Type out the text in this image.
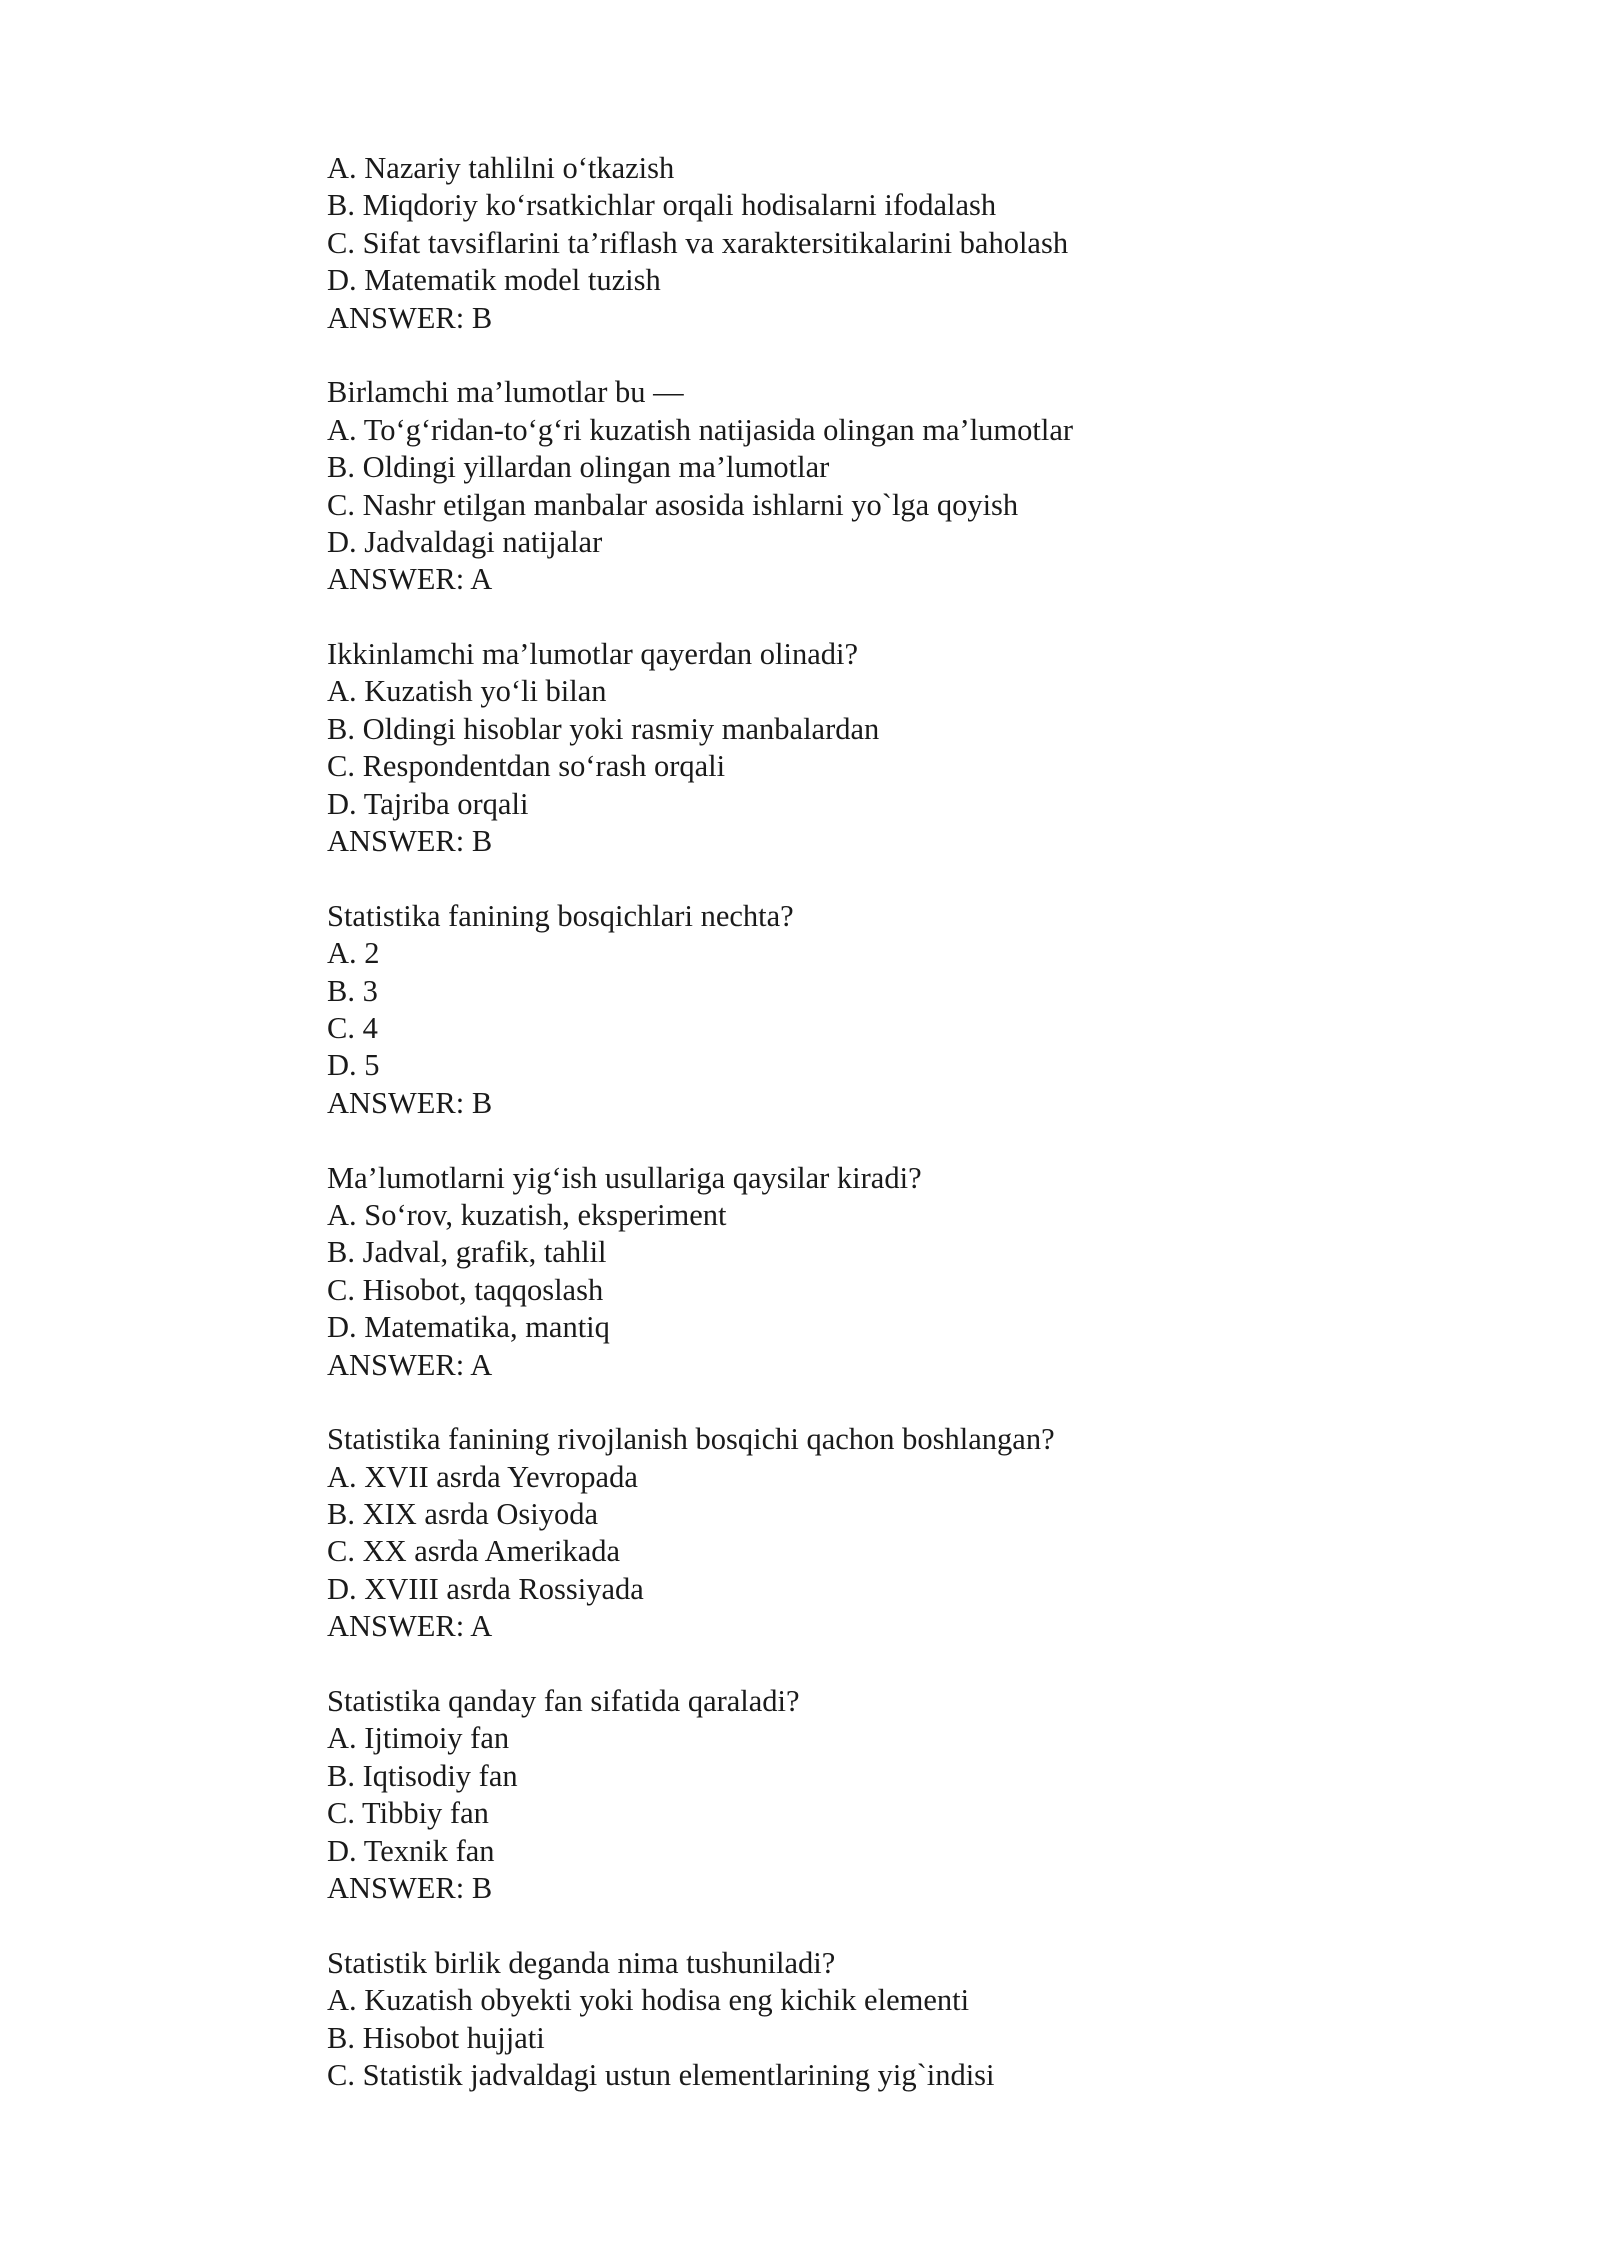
A. Nazariy tahlilni o‘tkazish
B. Miqdoriy ko‘rsatkichlar orqali hodisalarni ifodalash
C. Sifat tavsiflarini ta’riflash va xaraktersitikalarini baholash
D. Matematik model tuzish
ANSWER: B
Birlamchi ma’lumotlar bu —
A. To‘g‘ridan-to‘g‘ri kuzatish natijasida olingan ma’lumotlar
B. Oldingi yillardan olingan ma’lumotlar
C. Nashr etilgan manbalar asosida ishlarni yo`lga qoyish
D. Jadvaldagi natijalar
ANSWER: A
Ikkinlamchi ma’lumotlar qayerdan olinadi?
A. Kuzatish yo‘li bilan
B. Oldingi hisoblar yoki rasmiy manbalardan
C. Respondentdan so‘rash orqali
D. Tajriba orqali
ANSWER: B
Statistika fanining bosqichlari nechta?
A. 2
B. 3
C. 4
D. 5
ANSWER: B
Ma’lumotlarni yig‘ish usullariga qaysilar kiradi?
A. So‘rov, kuzatish, eksperiment
B. Jadval, grafik, tahlil
C. Hisobot, taqqoslash
D. Matematika, mantiq
ANSWER: A
Statistika fanining rivojlanish bosqichi qachon boshlangan?
A. XVII asrda Yevropada
B. XIX asrda Osiyoda
C. XX asrda Amerikada
D. XVIII asrda Rossiyada
ANSWER: A
Statistika qanday fan sifatida qaraladi?
A. Ijtimoiy fan
B. Iqtisodiy fan
C. Tibbiy fan
D. Texnik fan
ANSWER: B
Statistik birlik deganda nima tushuniladi?
A. Kuzatish obyekti yoki hodisa eng kichik elementi
B. Hisobot hujjati
C. Statistik jadvaldagi ustun elementlarining yig`indisi
